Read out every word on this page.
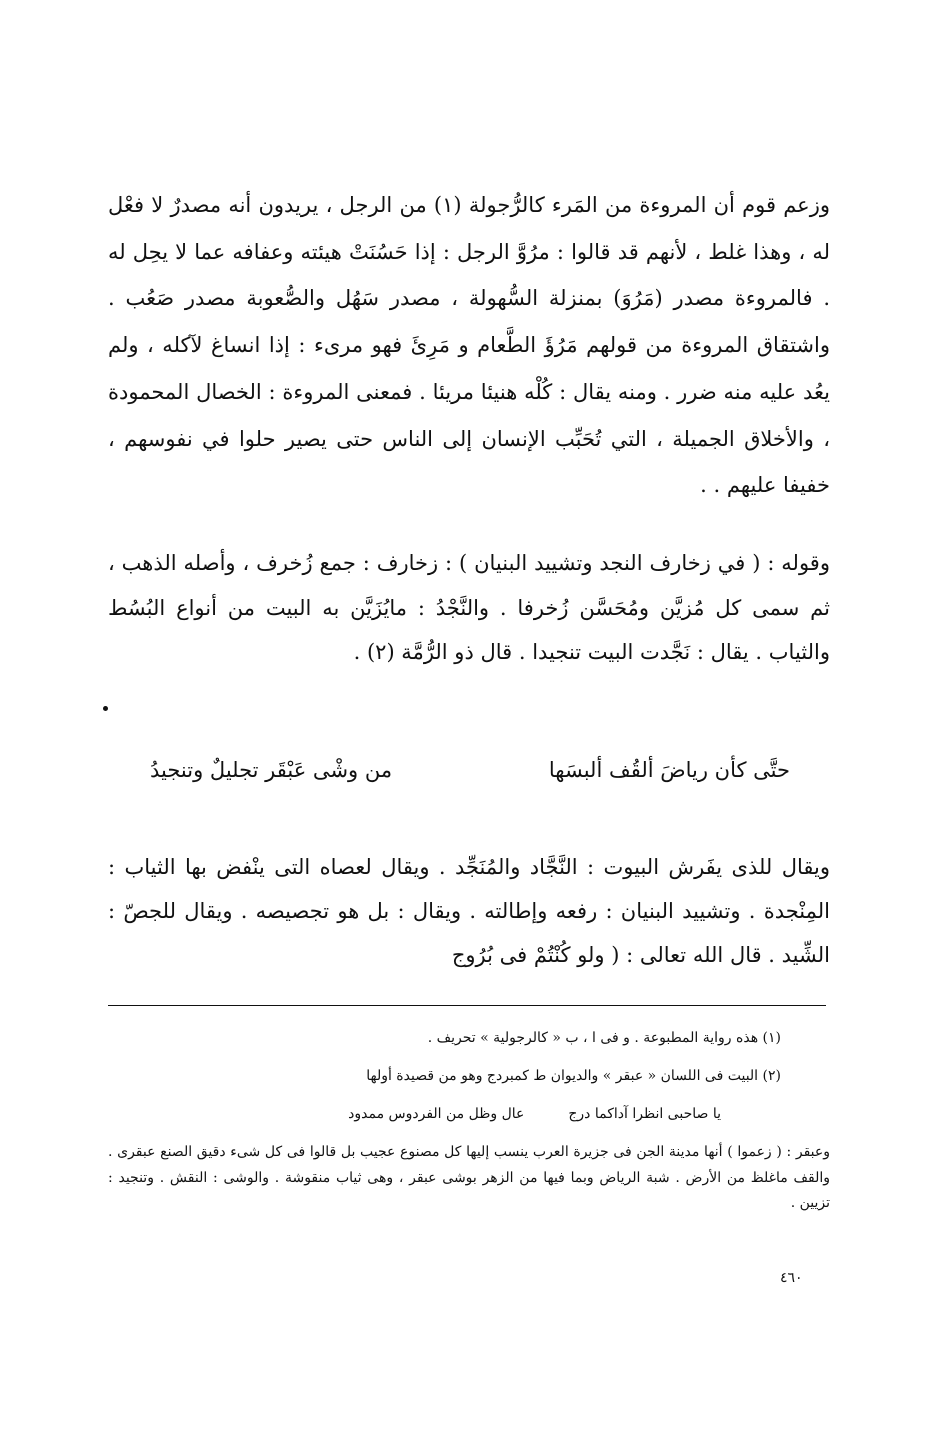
وزعم قوم أن المروءة من المَرء كالرُّجولة (١) من الرجل ، يريدون أنه مصدرٌ لا فعْل له ، وهذا غلط ، لأنهم قد قالوا : مرُوَّ الرجل : إذا حَسُنَتْ هيئته وعفافه عما لا يحِل له . فالمروءة مصدر (مَرُوَ) بمنزلة السُّهولة ، مصدر سَهُل والصُّعوبة مصدر صَعُب . واشتقاق المروءة من قولهم مَرُؤَ الطَّعام و مَرِئَ فهو مرىء : إذا انساغ لآكله ، ولم يعُد عليه منه ضرر . ومنه يقال : كُلْه هنيئا مريئا . فمعنى المروءة : الخصال المحمودة ، والأخلاق الجميلة ، التي تُحَبِّب الإنسان إلى الناس حتى يصير حلوا في نفوسهم ، خفيفا عليهم . .
وقوله : ( في زخارف النجد وتشييد البنيان ) : زخارف : جمع زُخرف ، وأصله الذهب ، ثم سمى كل مُزيَّن ومُحَسَّن زُخرفا . والنَّجْدُ : مايُزَيَّن به البيت من أنواع البُسُط والثياب . يقال : نَجَّدت البيت تنجيدا . قال ذو الرُّمَّة (٢) .
حتَّى كأن رياضَ ألقُف ألبسَها
من وشْى عَبْقَر تجليلٌ وتنجيدُ
ويقال للذى يفَرش البيوت : النَّجَّاد والمُنَجِّد . ويقال لعصاه التى ينْفض بها الثياب : المِنْجدة . وتشييد البنيان : رفعه وإطالته . ويقال : بل هو تجصيصه . ويقال للجصّ : الشِّيد . قال الله تعالى : ( ولو كُنْتُمْ فى بُرُوج
(١) هذه رواية المطبوعة . و فى ا ، ب « كالرجولية » تحريف .
(٢) البيت فى اللسان « عبقر » والديوان ط كمبردج وهو من قصيدة أولها
يا صاحبى انظرا آداكما درج
عال وظل من الفردوس ممدود
وعبقر : ( زعموا ) أنها مدينة الجن فى جزيرة العرب ينسب إليها كل مصنوع عجيب بل قالوا فى كل شىء دقيق الصنع عبقرى . والقف ماغلظ من الأرض . شبة الرياض وبما فيها من الزهر بوشى عبقر ، وهى ثياب منقوشة . والوشى : النقش . وتنجيد : تزيين .
٤٦٠
